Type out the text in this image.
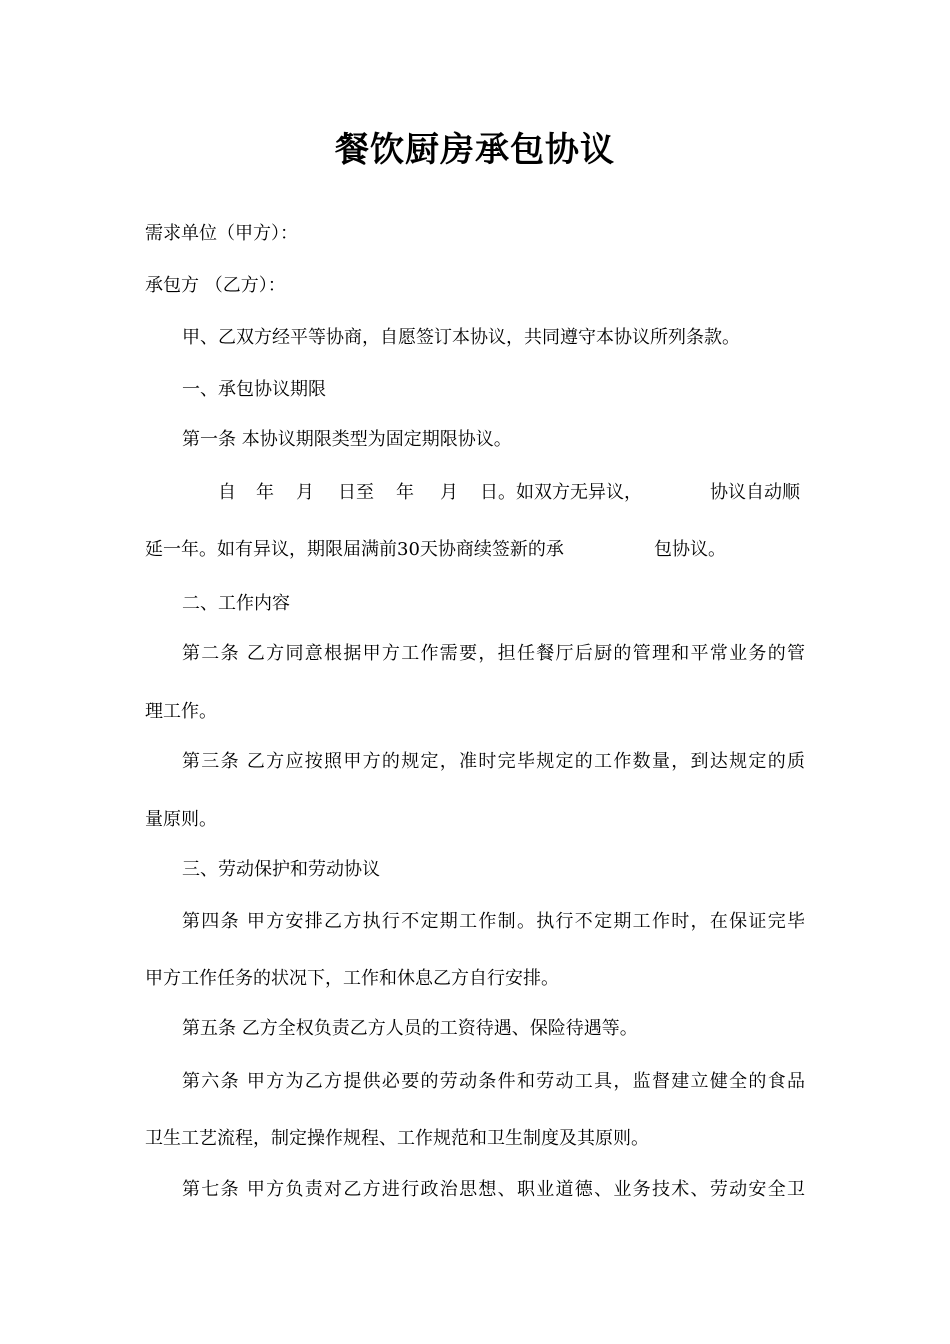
餐饮厨房承包协议
需求单位（甲方）：
承包方 （乙方）：
甲、乙双方经平等协商，自愿签订本协议，共同遵守本协议所列条款。
一、承包协议期限
第一条 本协议期限类型为固定期限协议。
自 年 月 日至 年 月 日。如双方无异议，	协议自动顺
延一年。如有异议，期限届满前30天协商续签新的承	包协议。
二、工作内容
第二条 乙方同意根据甲方工作需要，担任餐厅后厨的管理和平常业务的管
理工作。
第三条 乙方应按照甲方的规定，准时完毕规定的工作数量，到达规定的质
量原则。
三、劳动保护和劳动协议
第四条 甲方安排乙方执行不定期工作制。执行不定期工作时，在保证完毕
甲方工作任务的状况下，工作和休息乙方自行安排。
第五条 乙方全权负责乙方人员的工资待遇、保险待遇等。
第六条 甲方为乙方提供必要的劳动条件和劳动工具，监督建立健全的食品
卫生工艺流程，制定操作规程、工作规范和卫生制度及其原则。
第七条 甲方负责对乙方进行政治思想、职业道德、业务技术、劳动安全卫
